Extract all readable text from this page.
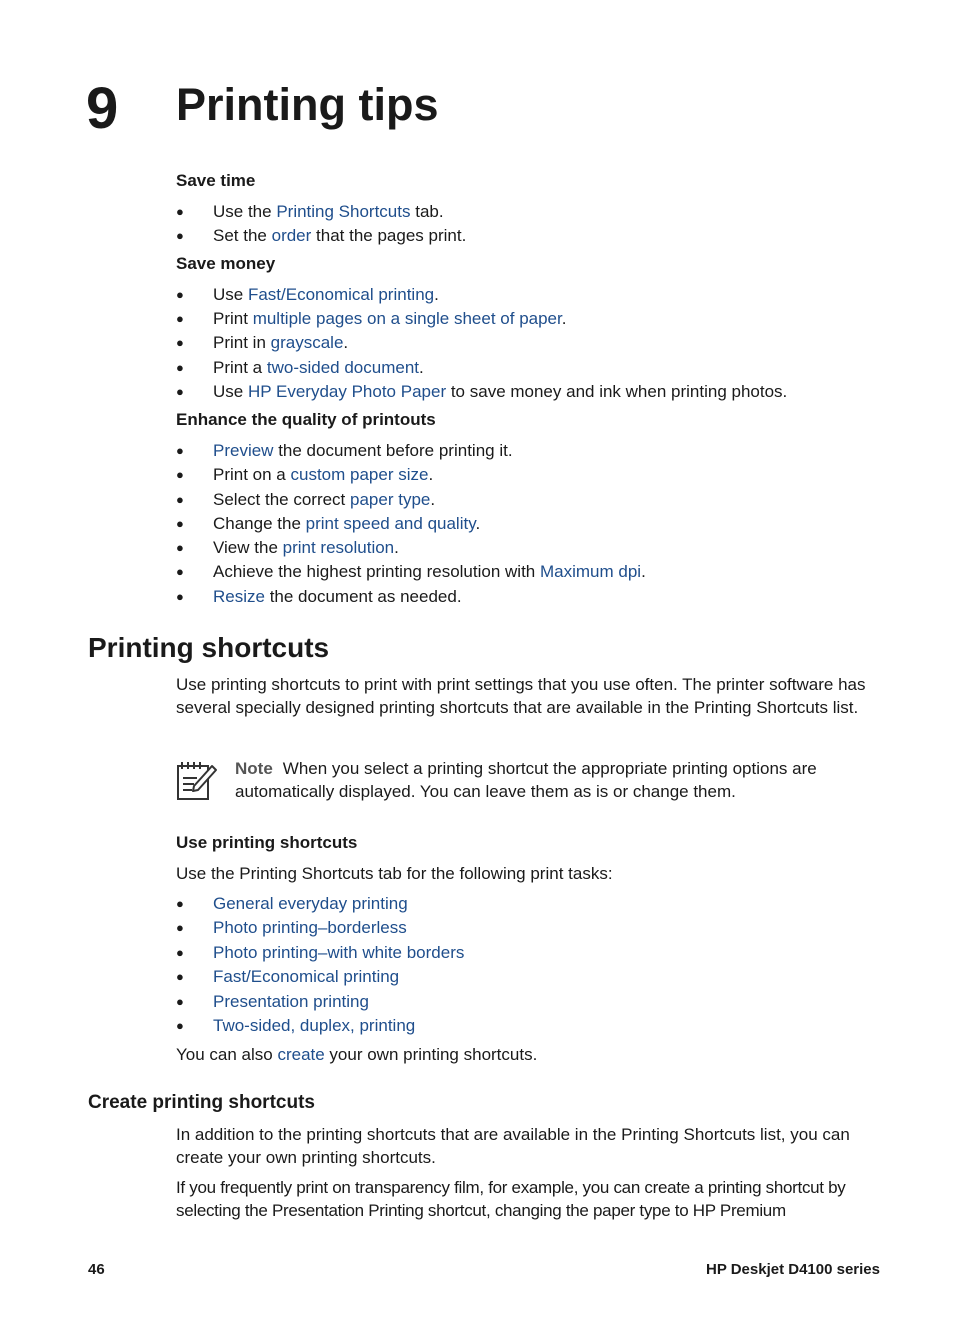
9 Printing tips
Save time
● Use the Printing Shortcuts tab.
● Set the order that the pages print.
Save money
● Use Fast/Economical printing.
● Print multiple pages on a single sheet of paper.
● Print in grayscale.
● Print a two-sided document.
● Use HP Everyday Photo Paper to save money and ink when printing photos.
Enhance the quality of printouts
● Preview the document before printing it.
● Print on a custom paper size.
● Select the correct paper type.
● Change the print speed and quality.
● View the print resolution.
● Achieve the highest printing resolution with Maximum dpi.
● Resize the document as needed.
Printing shortcuts
Use printing shortcuts to print with print settings that you use often. The printer software has several specially designed printing shortcuts that are available in the Printing Shortcuts list.
Note When you select a printing shortcut the appropriate printing options are automatically displayed. You can leave them as is or change them.
Use printing shortcuts
Use the Printing Shortcuts tab for the following print tasks:
● General everyday printing
● Photo printing–borderless
● Photo printing–with white borders
● Fast/Economical printing
● Presentation printing
● Two-sided, duplex, printing
You can also create your own printing shortcuts.
Create printing shortcuts
In addition to the printing shortcuts that are available in the Printing Shortcuts list, you can create your own printing shortcuts.
If you frequently print on transparency film, for example, you can create a printing shortcut by selecting the Presentation Printing shortcut, changing the paper type to HP Premium
46	HP Deskjet D4100 series
